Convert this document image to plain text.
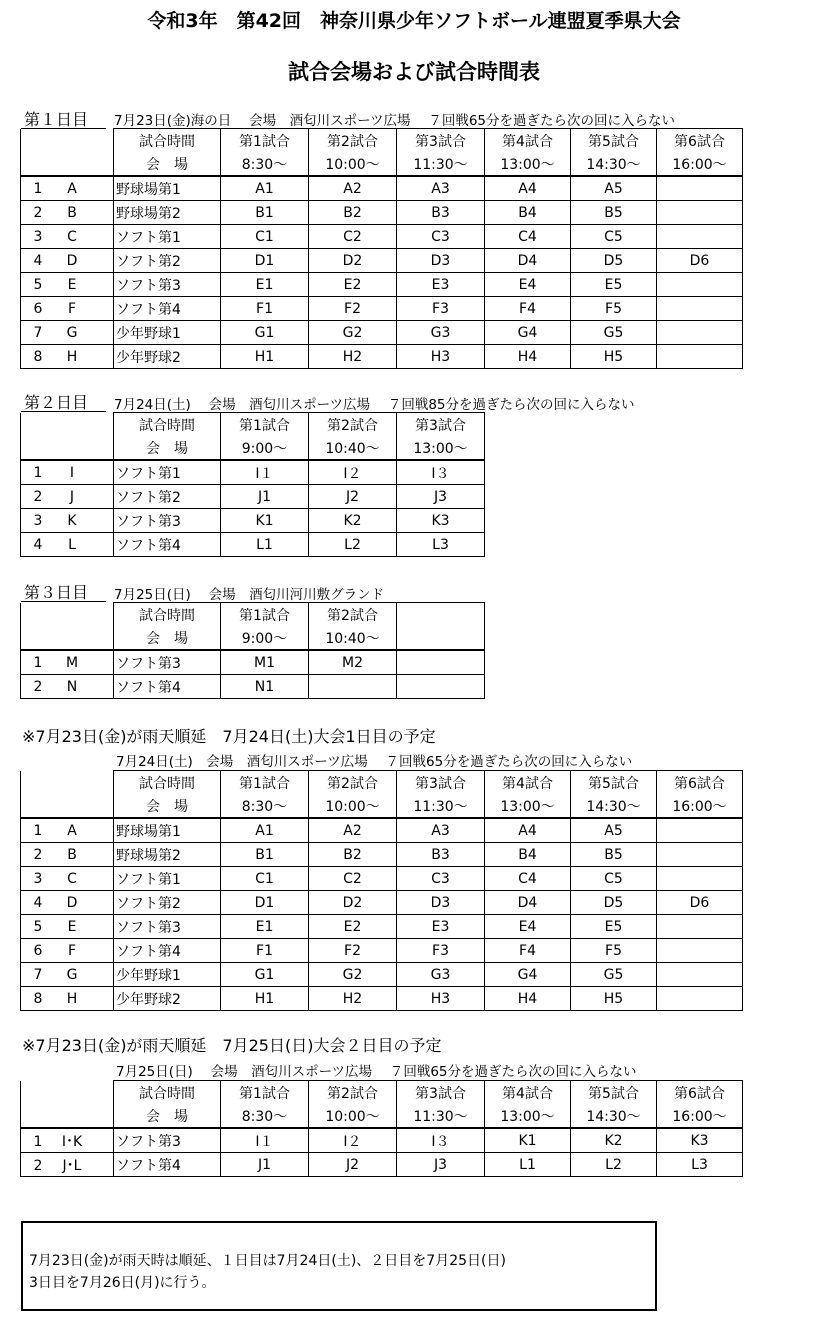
令和3年　第42回　神奈川県少年ソフトボール連盟夏季県大会
試合会場および試合時間表
第１日目 7月23日(金)海の日　 会場　酒匂川スポーツ広場　 ７回戦65分を過ぎたら次の回に入らない
	試合時間	第1試合	第2試合	第3試合	第4試合	第5試合	第6試合
	会　場	8:30〜	10:00〜	11:30〜	13:00〜	14:30〜	16:00〜
1 A	野球場第1	A1	A2	A3	A4	A5	
2 B	野球場第2	B1	B2	B3	B4	B5	
3 C	ソフト第1	C1	C2	C3	C4	C5	
4 D	ソフト第2	D1	D2	D3	D4	D5	D6
5 E	ソフト第3	E1	E2	E3	E4	E5	
6 F	ソフト第4	F1	F2	F3	F4	F5	
7 G	少年野球1	G1	G2	G3	G4	G5	
8 H	少年野球2	H1	H2	H3	H4	H5	
第２日目 7月24日(土)　 会場　酒匂川スポーツ広場　 ７回戦85分を過ぎたら次の回に入らない
	試合時間	第1試合	第2試合	第3試合
	会　場	9:00〜	10:40〜	13:00〜
1 I	ソフト第1	I１	I２	I３
2 J	ソフト第2	J1	J2	J3
3 K	ソフト第3	K1	K2	K3
4 L	ソフト第4	L1	L2	L3
第３日目 7月25日(日)　 会場　酒匂川河川敷グランド
	試合時間	第1試合	第2試合	
	会　場	9:00〜	10:40〜	
1 M	ソフト第3	M1	M2	
2 N	ソフト第4	N1		
※7月23日(金)が雨天順延　7月24日(土)大会1日目の予定
7月24日(土)　会場　酒匂川スポーツ広場　 ７回戦65分を過ぎたら次の回に入らない
	試合時間	第1試合	第2試合	第3試合	第4試合	第5試合	第6試合
	会　場	8:30〜	10:00〜	11:30〜	13:00〜	14:30〜	16:00〜
1 A	野球場第1	A1	A2	A3	A4	A5	
2 B	野球場第2	B1	B2	B3	B4	B5	
3 C	ソフト第1	C1	C2	C3	C4	C5	
4 D	ソフト第2	D1	D2	D3	D4	D5	D6
5 E	ソフト第3	E1	E2	E3	E4	E5	
6 F	ソフト第4	F1	F2	F3	F4	F5	
7 G	少年野球1	G1	G2	G3	G4	G5	
8 H	少年野球2	H1	H2	H3	H4	H5	
※7月23日(金)が雨天順延　7月25日(日)大会２日目の予定
7月25日(日)　 会場　酒匂川スポーツ広場　 ７回戦65分を過ぎたら次の回に入らない
	試合時間	第1試合	第2試合	第3試合	第4試合	第5試合	第6試合
	会　場	8:30〜	10:00〜	11:30〜	13:00〜	14:30〜	16:00〜
1 I･K	ソフト第3	I１	I２	I３	K1	K2	K3
2 J･L	ソフト第4	J1	J2	J3	L1	L2	L3
7月23日(金)が雨天時は順延、１日目は7月24日(土)、２日目を7月25日(日)
3日目を7月26日(月)に行う。
